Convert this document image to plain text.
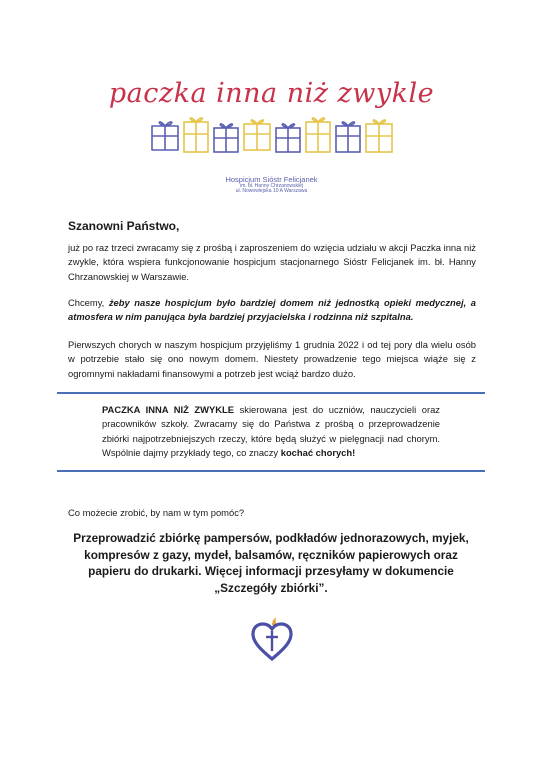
paczka inna niż zwykle
Hospicjum Sióstr Felicjanek
im. bł. Hanny Chrzanowskiej
ul. Nowowiejska 10 A Warszawa
Szanowni Państwo,
już po raz trzeci zwracamy się z prośbą i zaproszeniem do wzięcia udziału w akcji Paczka inna niż zwykle, która wspiera funkcjonowanie hospicjum stacjonarnego Sióstr Felicjanek im. bł. Hanny Chrzanowskiej w Warszawie.
Chcemy, żeby nasze hospicjum było bardziej domem niż jednostką opieki medycznej, a atmosfera w nim panująca była bardziej przyjacielska i rodzinna niż szpitalna.
Pierwszych chorych w naszym hospicjum przyjęliśmy 1 grudnia 2022 i od tej pory dla wielu osób w potrzebie stało się ono nowym domem. Niestety prowadzenie tego miejsca wiąże się z ogromnymi nakładami finansowymi a potrzeb jest wciąż bardzo dużo.
PACZKA INNA NIŻ ZWYKLE skierowana jest do uczniów, nauczycieli oraz pracowników szkoły. Zwracamy się do Państwa z prośbą o przeprowadzenie zbiórki najpotrzebniejszych rzeczy, które będą służyć w pielęgnacji nad chorym. Wspólnie dajmy przykłady tego, co znaczy kochać chorych!
Co możecie zrobić, by nam w tym pomóc?
Przeprowadzić zbiórkę pampersów, podkładów jednorazowych, myjek, kompresów z gazy, mydeł, balsamów, ręczników papierowych oraz papieru do drukarki. Więcej informacji przesyłamy w dokumencie „Szczegóły zbiórki”.
